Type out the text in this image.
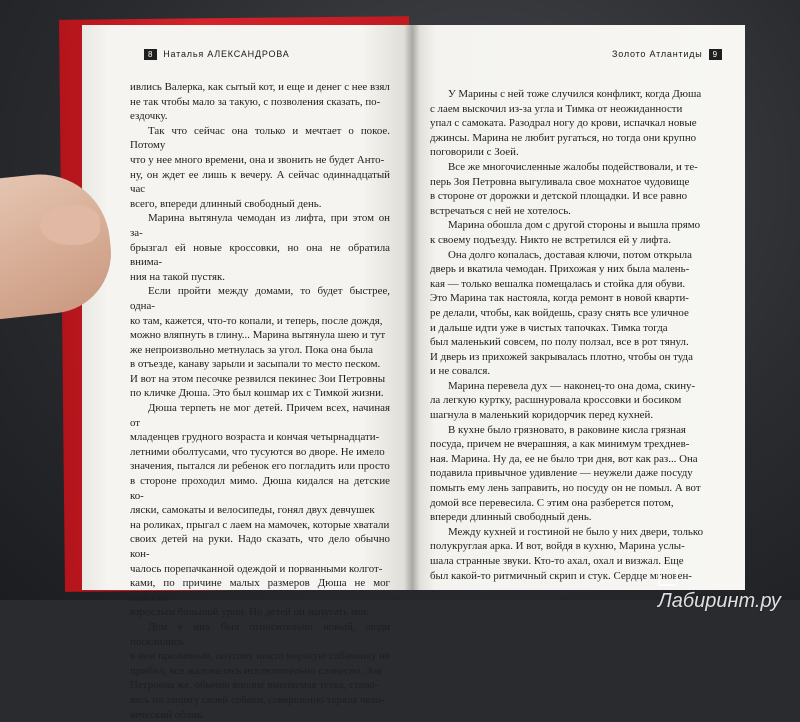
8	Наталья АЛЕКСАНДРОВА	Золото Атлантиды	9

ивлись Валерка, как сытый кот, и еще и денег с нее взял

не так чтобы мало за такую, с позволения сказать, по-

ездочку.

Так что сейчас она только и мечтает о покое. Потому

что у нее много времени, она и звонить не будет Анто-

ну, он ждет ее лишь к вечеру. А сейчас одиннадцатый час

всего, впереди длинный свободный день.

Марина вытянула чемодан из лифта, при этом он за-

брызгал ей новые кроссовки, но она не обратила внима-

ния на такой пустяк.

Если пройти между домами, то будет быстрее, одна-

ко там, кажется, что-то копали, и теперь, после дождя,

можно вляпнуть в глину... Марина вытянула шею и тут

же непроизвольно метнулась за угол. Пока она была

в отъезде, канаву зарыли и засыпали то место песком.

И вот на этом песочке резвился пекинес Зои Петровны

по кличке Дюша. Это был кошмар их с Тимкой жизни.

Дюша терпеть не мог детей. Причем всех, начиная от

младенцев грудного возраста и кончая четырнадцати-

летними оболтусами, что тусуются во дворе. Не имело

значения, пытался ли ребенок его погладить или просто

в стороне проходил мимо. Дюша кидался на детские ко-

ляски, самокаты и велосипеды, гонял двух девчушек

на роликах, прыгал с лаем на мамочек, которые хватали

своих детей на руки. Надо сказать, что дело обычно кон-

чалось порепачканной одеждой и порванными колгот-

ками, по причине малых размеров Дюша не мог нанести

взрослым большой урон. Но детей он напугать мог.

Дом у них был относительно новый, люди поселились

в нем приличные, поэтому никто мерзкую собачонку не

прибил, все жаловались исключительно словесно. Зоя

Петровна же, обычно вполне вменяемая тетка, стано-

вясь на защиту своей собаки, совершенно теряла чело-

веческий облик.

У Марины с ней тоже случился конфликт, когда Дюша

с лаем выскочил из-за угла и Тимка от неожиданности

упал с самоката. Разодрал ногу до крови, испачкал новые

джинсы. Марина не любит ругаться, но тогда они крупно

поговорили с Зоей.

Все же многочисленные жалобы подействовали, и те-

перь Зоя Петровна выгуливала свое мохнатое чудовище

в стороне от дорожки и детской площадки. И все равно

встречаться с ней не хотелось.

Марина обошла дом с другой стороны и вышла прямо

к своему подъезду. Никто не встретился ей у лифта.

Она долго копалась, доставая ключи, потом открыла

дверь и вкатила чемодан. Прихожая у них была малень-

кая — только вешалка помещалась и стойка для обуви.

Это Марина так настояла, когда ремонт в новой кварти-

ре делали, чтобы, как войдешь, сразу снять все уличное

и дальше идти уже в чистых тапочках. Тимка тогда

был маленький совсем, по полу ползал, все в рот тянул.

И дверь из прихожей закрывалась плотно, чтобы он туда

и не совался.

Марина перевела дух — наконец-то она дома, скину-

ла легкую куртку, расшнуровала кроссовки и босиком

шагнула в маленький коридорчик перед кухней.

В кухне было грязновато, в раковине кисла грязная

посуда, причем не вчерашняя, а как минимум трехднев-

ная. Марина. Ну да, ее не было три дня, вот как раз... Она

подавила привычное удивление — неужели даже посуду

помыть ему лень заправить, но посуду он не помыл. А вот

домой все перевесила. С этим она разберется потом,

впереди длинный свободный день.

Между кухней и гостиной не было у них двери, только

полукруглая арка. И вот, войдя в кухню, Марина услы-

шала странные звуки. Кто-то ахал, охал и визжал. Еще

был какой-то ритмичный скрип и стук. Сердце мгновен-

Лабиринт.ру
